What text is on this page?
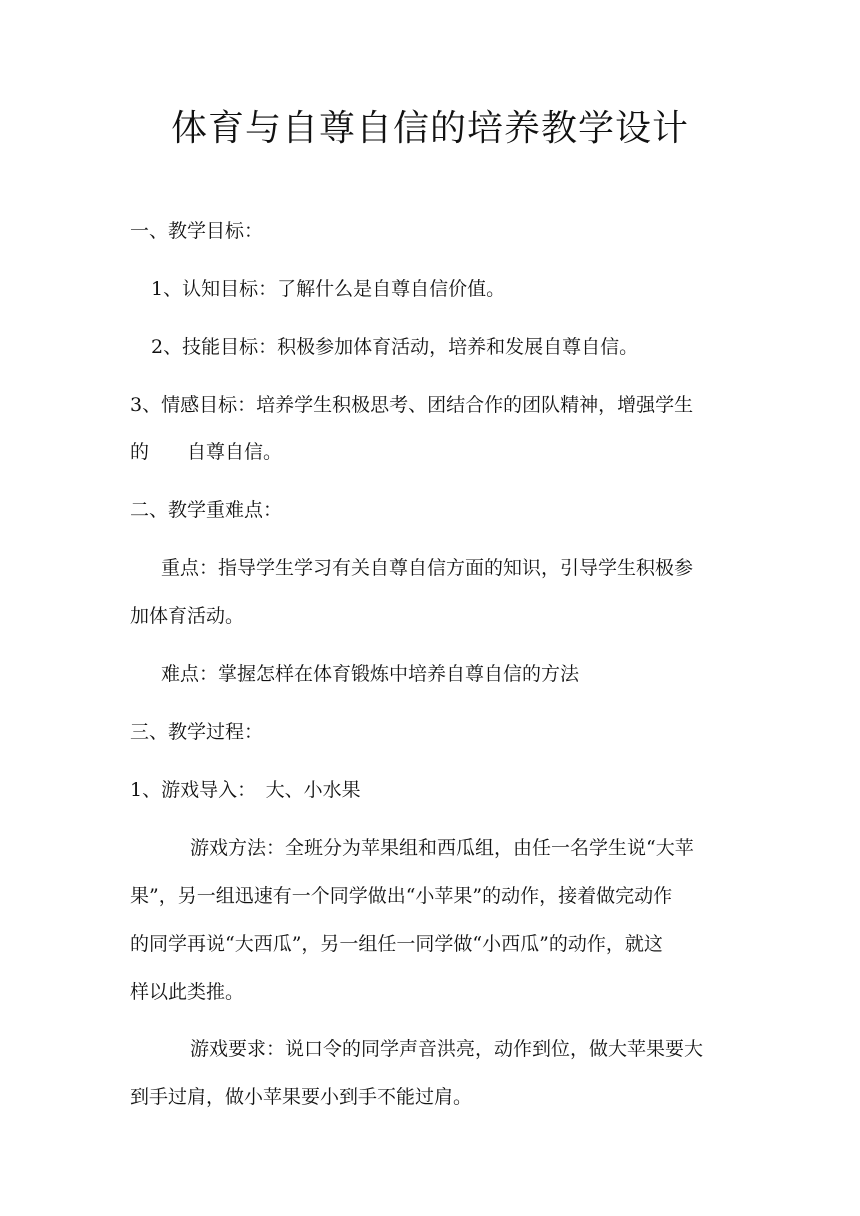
体育与自尊自信的培养教学设计
一、教学目标：
1、认知目标：了解什么是自尊自信价值。
2、技能目标：积极参加体育活动，培养和发展自尊自信。
3、情感目标：培养学生积极思考、团结合作的团队精神，增强学生
的　　自尊自信。
二、教学重难点：
重点：指导学生学习有关自尊自信方面的知识，引导学生积极参
加体育活动。
难点：掌握怎样在体育锻炼中培养自尊自信的方法
三、教学过程：
1、游戏导入：　大、小水果
游戏方法：全班分为苹果组和西瓜组，由任一名学生说“大苹
果”，另一组迅速有一个同学做出“小苹果”的动作，接着做完动作
的同学再说“大西瓜”，另一组任一同学做“小西瓜”的动作，就这
样以此类推。
游戏要求：说口令的同学声音洪亮，动作到位，做大苹果要大
到手过肩，做小苹果要小到手不能过肩。
